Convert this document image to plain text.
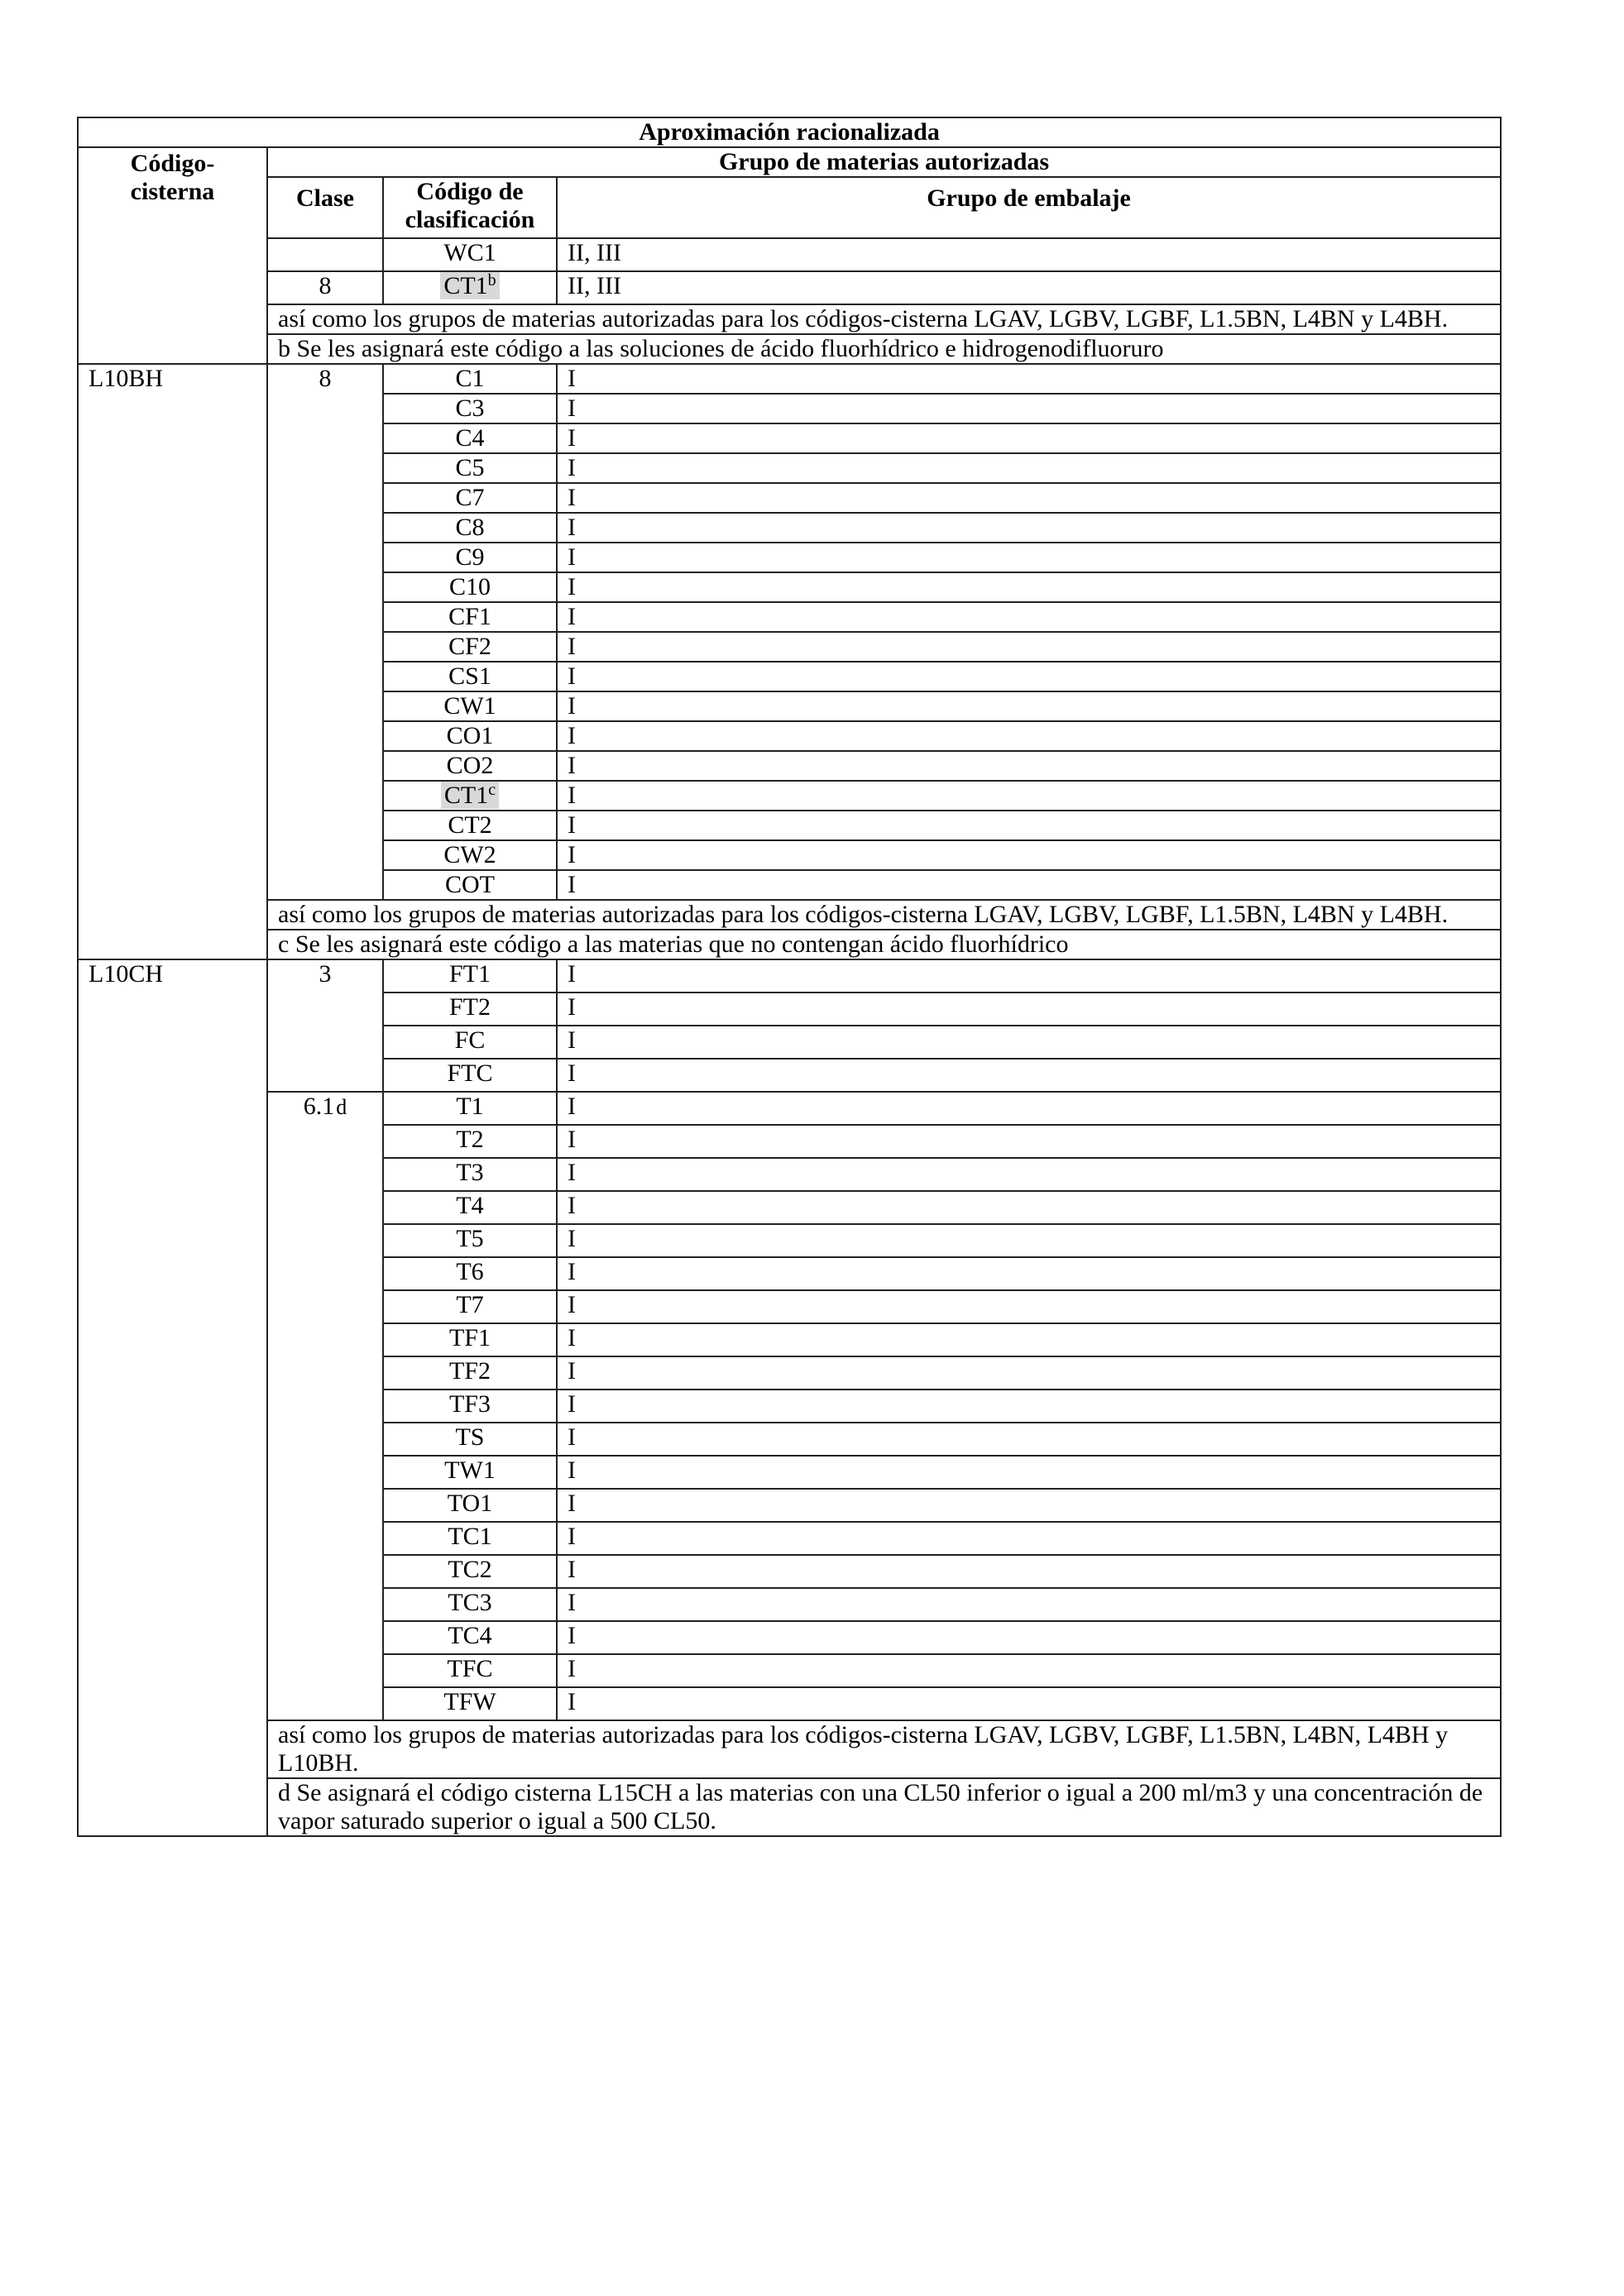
Aproximación racionalizada			
Código-cisterna	Grupo de materias autorizadas		
	Clase	Código de clasificación	Grupo de embalaje
		WC1	II, III
	8	CT1$^b$	II, III
	así como los grupos de materias autorizadas para los códigos-cisterna LGAV, LGBV, LGBF, L1.5BN, L4BN y L4BH.		
	b Se les asignará este código a las soluciones de ácido fluorhídrico e hidrogenodifluoruro		
L10BH	8	C1	I
		C3	I
		C4	I
		C5	I
		C7	I
		C8	I
		C9	I
		C10	I
		CF1	I
		CF2	I
		CS1	I
		CW1	I
		CO1	I
		CO2	I
		CT1$^c$	I
		CT2	I
		CW2	I
		COT	I
	así como los grupos de materias autorizadas para los códigos-cisterna LGAV, LGBV, LGBF, L1.5BN, L4BN y L4BH.		
	c Se les asignará este código a las materias que no contengan ácido fluorhídrico		
L10CH	3	FT1	I
		FT2	I
		FC	I
		FTC	I
	6.1d	T1	I
		T2	I
		T3	I
		T4	I
		T5	I
		T6	I
		T7	I
		TF1	I
		TF2	I
		TF3	I
		TS	I
		TW1	I
		TO1	I
		TC1	I
		TC2	I
		TC3	I
		TC4	I
		TFC	I
		TFW	I
	así como los grupos de materias autorizadas para los códigos-cisterna LGAV, LGBV, LGBF, L1.5BN, L4BN, L4BH y L10BH.		
	d Se asignará el código cisterna L15CH a las materias con una CL50 inferior o igual a 200 ml/m3 y una concentración de vapor saturado superior o igual a 500 CL50.		
